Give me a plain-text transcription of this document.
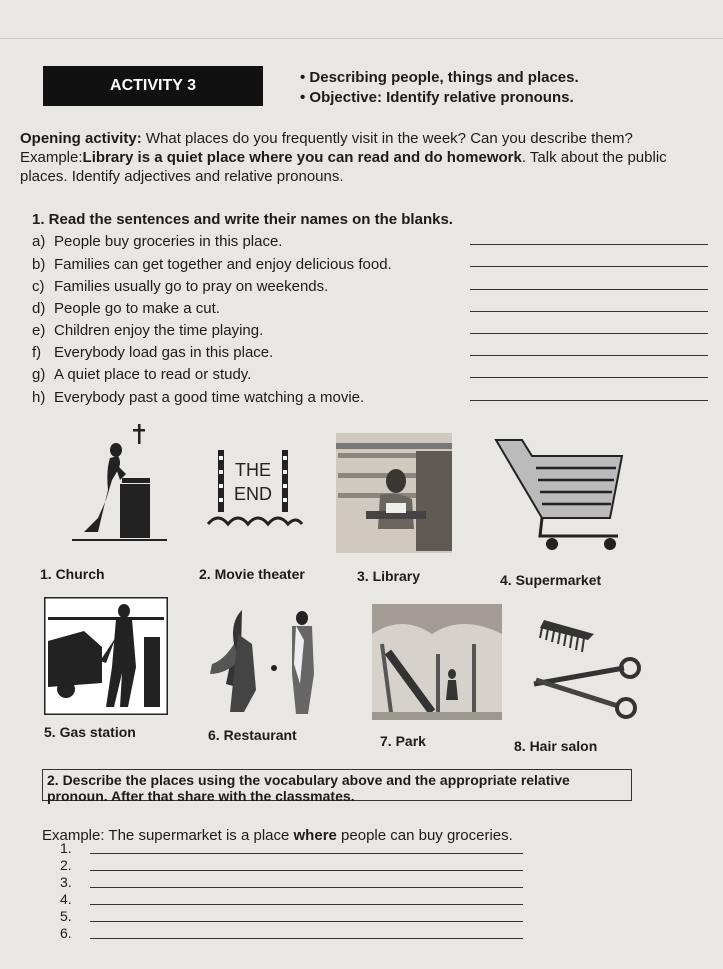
ACTIVITY 3	• Describing people, things and places.
• Objective: Identify relative pronouns.
Opening activity: What places do you frequently visit in the week? Can you describe them? Example:Library is a quiet place where you can read and do homework. Talk about the public places. Identify adjectives and relative pronouns.
1. Read the sentences and write their names on the blanks.
a) People buy groceries in this place.
b) Families can get together and enjoy delicious food.
c) Families usually go to pray on weekends.
d) People go to make a cut.
e) Children enjoy the time playing.
f) Everybody load gas in this place.
g) A quiet place to read or study.
h) Everybody past a good time watching a movie.
THE
END
1. Church	2. Movie theater	3. Library	4. Supermarket
5. Gas station	6. Restaurant	7. Park	8. Hair salon
2. Describe the places using the vocabulary above and the appropriate relative pronoun. After that share with the classmates.
Example: The supermarket is a place where people can buy groceries.
1.
2.
3.
4.
5.
6.
